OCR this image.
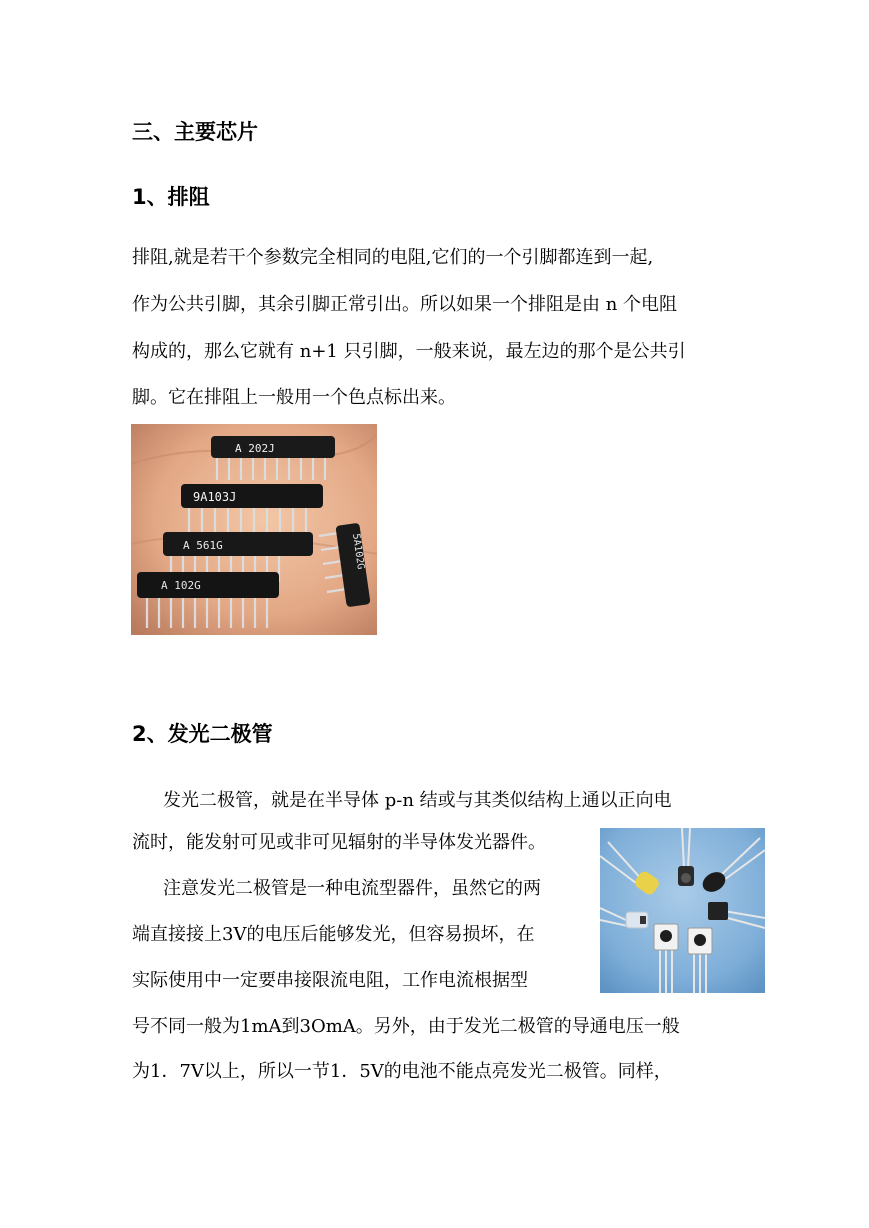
三、主要芯片
1、排阻

排阻,就是若干个参数完全相同的电阻,它们的一个引脚都连到一起,

作为公共引脚，其余引脚正常引出。所以如果一个排阻是由 n 个电阻

构成的，那么它就有 n+1 只引脚，一般来说，最左边的那个是公共引

脚。它在排阻上一般用一个色点标出来。

A 202J
9A103J
A 561G	5A102G
A 102G
2、发光二极管

发光二极管，就是在半导体 p-n 结或与其类似结构上通以正向电

流时，能发射可见或非可见辐射的半导体发光器件。

注意发光二极管是一种电流型器件，虽然它的两

端直接接上3V的电压后能够发光，但容易损坏，在

实际使用中一定要串接限流电阻，工作电流根据型

号不同一般为1mA到3OmA。另外，由于发光二极管的导通电压一般

为1．7V以上，所以一节1．5V的电池不能点亮发光二极管。同样，
